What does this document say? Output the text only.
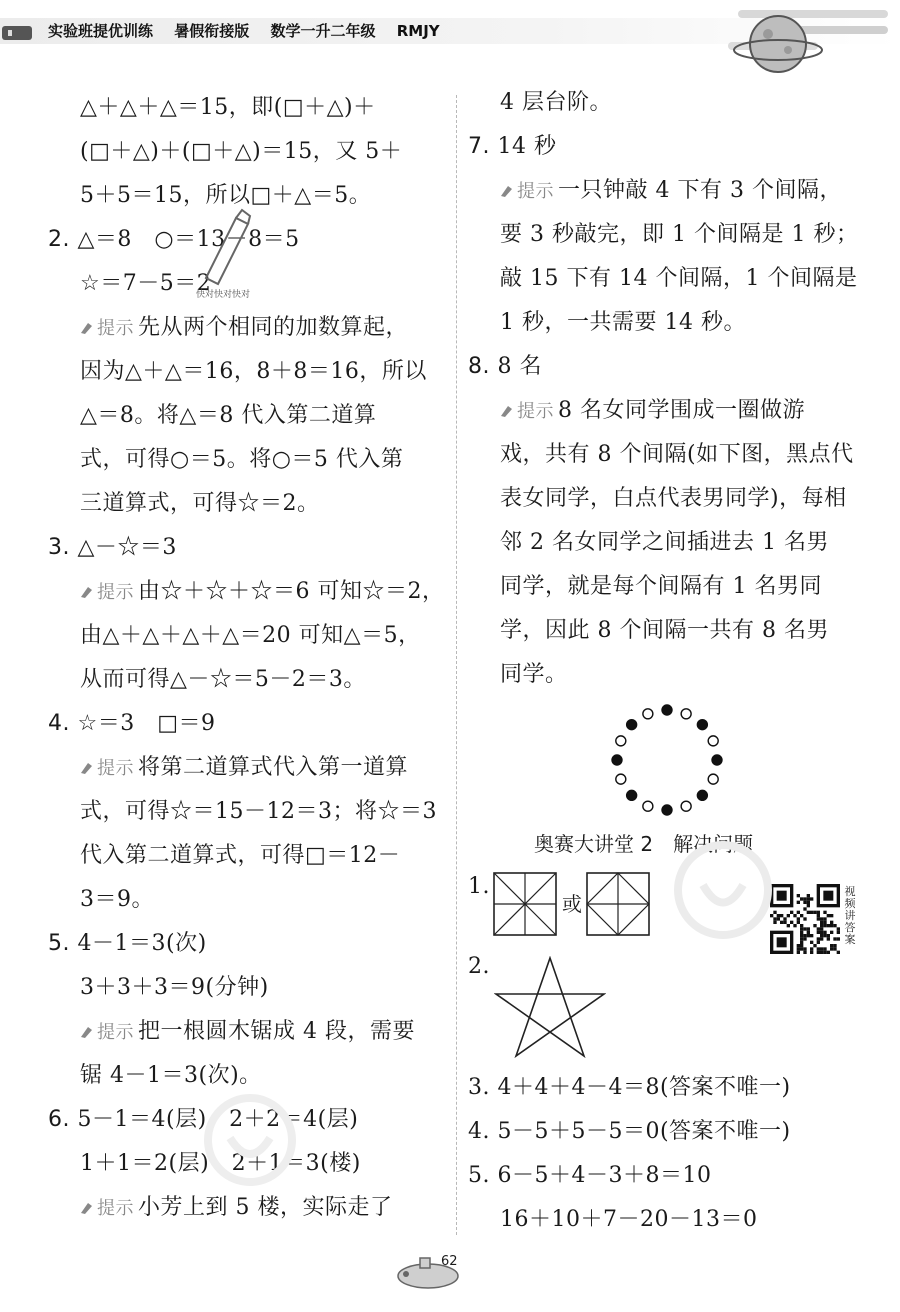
实验班提优训练 暑假衔接版 数学一升二年级 RMJY
△＋△＋△＝15，即(□＋△)＋
(□＋△)＋(□＋△)＝15，又 5＋
5＋5＝15，所以□＋△＝5。
2. △＝8　○＝13－8＝5
☆＝7－5＝2
快对快对快对
提示 先从两个相同的加数算起，
因为△＋△＝16，8＋8＝16，所以
△＝8。将△＝8 代入第二道算
式，可得○＝5。将○＝5 代入第
三道算式，可得☆＝2。
3. △－☆＝3
提示 由☆＋☆＋☆＝6 可知☆＝2，
由△＋△＋△＋△＝20 可知△＝5，
从而可得△－☆＝5－2＝3。
4. ☆＝3　□＝9
提示 将第二道算式代入第一道算
式，可得☆＝15－12＝3；将☆＝3
代入第二道算式，可得□＝12－
3＝9。
5. 4－1＝3(次)
3＋3＋3＝9(分钟)
提示 把一根圆木锯成 4 段，需要
锯 4－1＝3(次)。
6. 5－1＝4(层)　2＋2＝4(层)
1＋1＝2(层)　2＋1＝3(楼)
提示 小芳上到 5 楼，实际走了
4 层台阶。
7. 14 秒
提示 一只钟敲 4 下有 3 个间隔，
要 3 秒敲完，即 1 个间隔是 1 秒；
敲 15 下有 14 个间隔，1 个间隔是
1 秒，一共需要 14 秒。
8. 8 名
提示 8 名女同学围成一圈做游
戏，共有 8 个间隔(如下图，黑点代
表女同学，白点代表男同学)，每相
邻 2 名女同学之间插进去 1 名男
同学，就是每个间隔有 1 名男同
学，因此 8 个间隔一共有 8 名男
同学。
奥赛大讲堂 2　解决问题
1.
或
视频讲答案
2.
3. 4＋4＋4－4＝8(答案不唯一)
4. 5－5＋5－5＝0(答案不唯一)
5. 6－5＋4－3＋8＝10
16＋10＋7－20－13＝0
62
